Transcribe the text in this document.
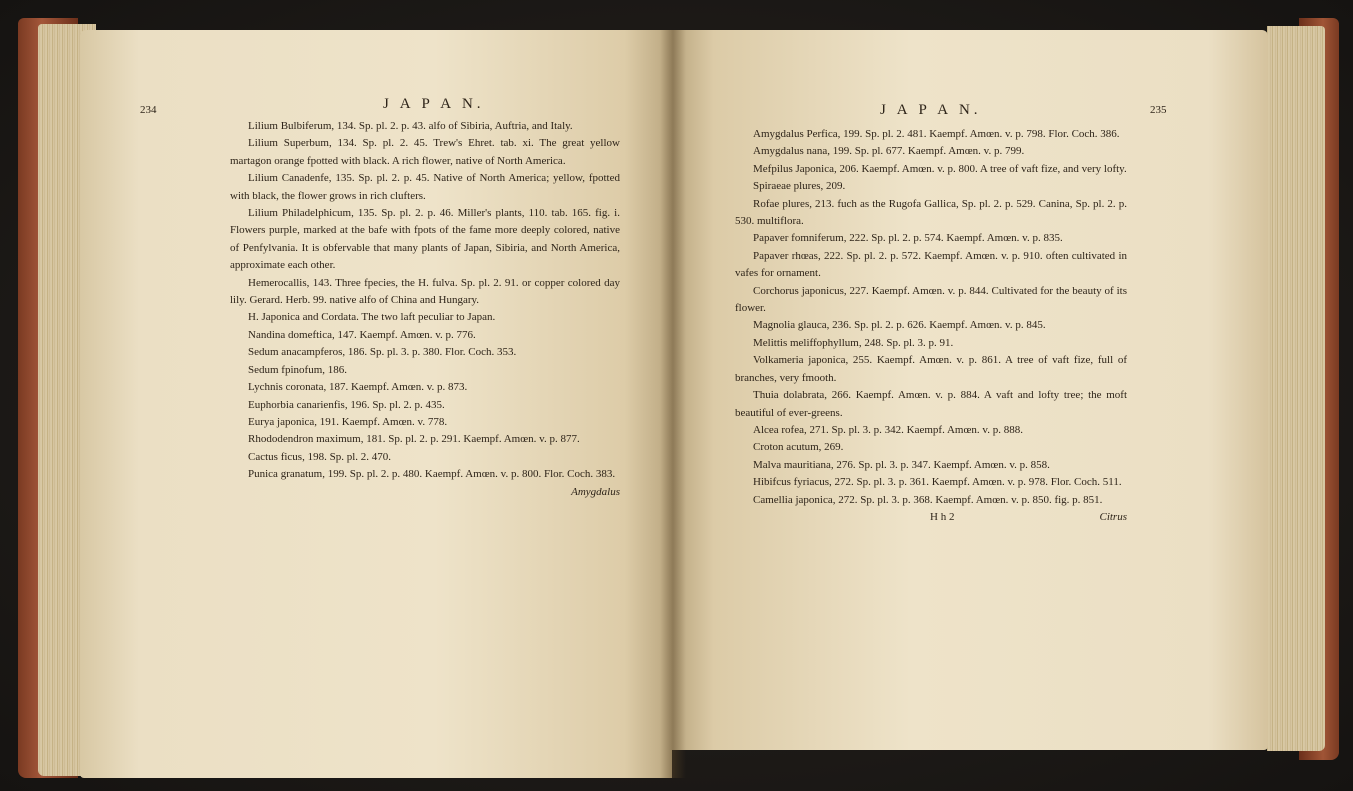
234	J A P A N.

Lilium Bulbiferum, 134. Sp. pl. 2. p. 43. alfo of Sibiria, Auftria, and Italy.

Lilium Superbum, 134. Sp. pl. 2. 45. Trew's Ehret. tab. xi. The great yellow martagon orange fpotted with black. A rich flower, native of North America.

Lilium Canadenfe, 135. Sp. pl. 2. p. 45. Native of North America; yellow, fpotted with black, the flower grows in rich clufters.

Lilium Philadelphicum, 135. Sp. pl. 2. p. 46. Miller's plants, 110. tab. 165. fig. i. Flowers purple, marked at the bafe with fpots of the fame more deeply colored, native of Penfylvania. It is obfervable that many plants of Japan, Sibiria, and North America, approximate each other.

Hemerocallis, 143. Three fpecies, the H. fulva. Sp. pl. 2. 91. or copper colored day lily. Gerard. Herb. 99. native alfo of China and Hungary.

H. Japonica and Cordata. The two laft peculiar to Japan.

Nandina domeftica, 147. Kaempf. Amœn. v. p. 776.

Sedum anacampferos, 186. Sp. pl. 3. p. 380. Flor. Coch. 353.

Sedum fpinofum, 186.

Lychnis coronata, 187. Kaempf. Amœn. v. p. 873.

Euphorbia canarienfis, 196. Sp. pl. 2. p. 435.

Eurya japonica, 191. Kaempf. Amœn. v. 778.

Rhododendron maximum, 181. Sp. pl. 2. p. 291. Kaempf. Amœn. v. p. 877.

Cactus ficus, 198. Sp. pl. 2. 470.

Punica granatum, 199. Sp. pl. 2. p. 480. Kaempf. Amœn. v. p. 800. Flor. Coch. 383.

Amygdalus

J A P A N.	235

Amygdalus Perfica, 199. Sp. pl. 2. 481. Kaempf. Amœn. v. p. 798. Flor. Coch. 386.

Amygdalus nana, 199. Sp. pl. 677. Kaempf. Amœn. v. p. 799.

Mefpilus Japonica, 206. Kaempf. Amœn. v. p. 800. A tree of vaft fize, and very lofty.

Spiraeae plures, 209.

Rofae plures, 213. fuch as the Rugofa Gallica, Sp. pl. 2. p. 529. Canina, Sp. pl. 2. p. 530. multiflora.

Papaver fomniferum, 222. Sp. pl. 2. p. 574. Kaempf. Amœn. v. p. 835.

Papaver rhœas, 222. Sp. pl. 2. p. 572. Kaempf. Amœn. v. p. 910. often cultivated in vafes for ornament.

Corchorus japonicus, 227. Kaempf. Amœn. v. p. 844. Cultivated for the beauty of its flower.

Magnolia glauca, 236. Sp. pl. 2. p. 626. Kaempf. Amœn. v. p. 845.

Melittis meliffophyllum, 248. Sp. pl. 3. p. 91.

Volkameria japonica, 255. Kaempf. Amœn. v. p. 861. A tree of vaft fize, full of branches, very fmooth.

Thuia dolabrata, 266. Kaempf. Amœn. v. p. 884. A vaft and lofty tree; the moft beautiful of ever-greens.

Alcea rofea, 271. Sp. pl. 3. p. 342. Kaempf. Amœn. v. p. 888.

Croton acutum, 269.

Malva mauritiana, 276. Sp. pl. 3. p. 347. Kaempf. Amœn. v. p. 858.

Hibifcus fyriacus, 272. Sp. pl. 3. p. 361. Kaempf. Amœn. v. p. 978. Flor. Coch. 511.

Camellia japonica, 272. Sp. pl. 3. p. 368. Kaempf. Amœn. v. p. 850. fig. p. 851.

H h 2	Citrus
